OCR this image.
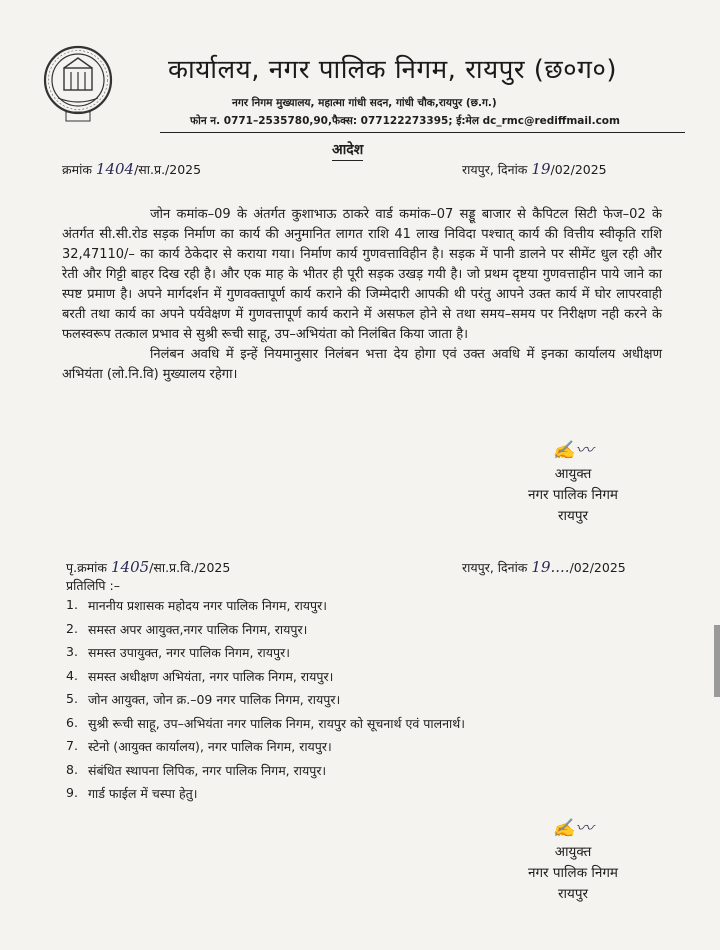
कार्यालय, नगर पालिक निगम, रायपुर (छ०ग०)
नगर निगम मुख्यालय, महात्मा गांधी सदन, गांधी चौक,रायपुर (छ.ग.)
फोन न. 0771–2535780,90,फैक्स: 077122273395; ई:मेल dc_rmc@rediffmail.com
आदेश
क्रमांक 1404/सा.प्र./2025	रायपुर, दिनांक 19/02/2025

जोन कमांक–09 के अंतर्गत कुशाभाऊ ठाकरे वार्ड कमांक–07 सड्डू बाजार से कैपिटल सिटी फेज–02 के अंतर्गत सी.सी.रोड सड़क निर्माण का कार्य की अनुमानित लागत राशि 41 लाख निविदा पश्चात् कार्य की वित्तीय स्वीकृति राशि 32,47110/– का कार्य ठेकेदार से कराया गया। निर्माण कार्य गुणवत्ताविहीन है। सड़क में पानी डालने पर सीमेंट धुल रही और रेती और गिट्टी बाहर दिख रही है। और एक माह के भीतर ही पूरी सड़क उखड़ गयी है। जो प्रथम दृष्टया गुणवत्ताहीन पाये जाने का स्पष्ट प्रमाण है। अपने मार्गदर्शन में गुणवक्तापूर्ण कार्य कराने की जिम्मेदारी आपकी थी परंतु आपने उक्त कार्य में घोर लापरवाही बरती तथा कार्य का अपने पर्यवेक्षण में गुणवत्तापूर्ण कार्य कराने में असफल होने से तथा समय–समय पर निरीक्षण नही करने के फलस्वरूप तत्काल प्रभाव से सुश्री रूची साहू, उप–अभियंता को निलंबित किया जाता है।

निलंबन अवधि में इन्हें नियमानुसार निलंबन भत्ता देय होगा एवं उक्त अवधि में इनका कार्यालय अधीक्षण अभियंता (लो.नि.वि) मुख्यालय रहेगा।

✍〰
आयुक्त
नगर पालिक निगम
रायपुर
पृ.क्रमांक 1405/सा.प्र.वि./2025	रायपुर, दिनांक 19..../02/2025
प्रतिलिपि :–
1. माननीय प्रशासक महोदय नगर पालिक निगम, रायपुर।
2. समस्त अपर आयुक्त,नगर पालिक निगम, रायपुर।
3. समस्त उपायुक्त, नगर पालिक निगम, रायपुर।
4. समस्त अधीक्षण अभियंता, नगर पालिक निगम, रायपुर।
5. जोन आयुक्त, जोन क्र.–09 नगर पालिक निगम, रायपुर।
6. सुश्री रूची साहू, उप–अभियंता नगर पालिक निगम, रायपुर को सूचनार्थ एवं पालनार्थ।
7. स्टेनो (आयुक्त कार्यालय), नगर पालिक निगम, रायपुर।
8. संबंधित स्थापना लिपिक, नगर पालिक निगम, रायपुर।
9. गार्ड फाईल में चस्पा हेतु।
✍〰
आयुक्त
नगर पालिक निगम
रायपुर
